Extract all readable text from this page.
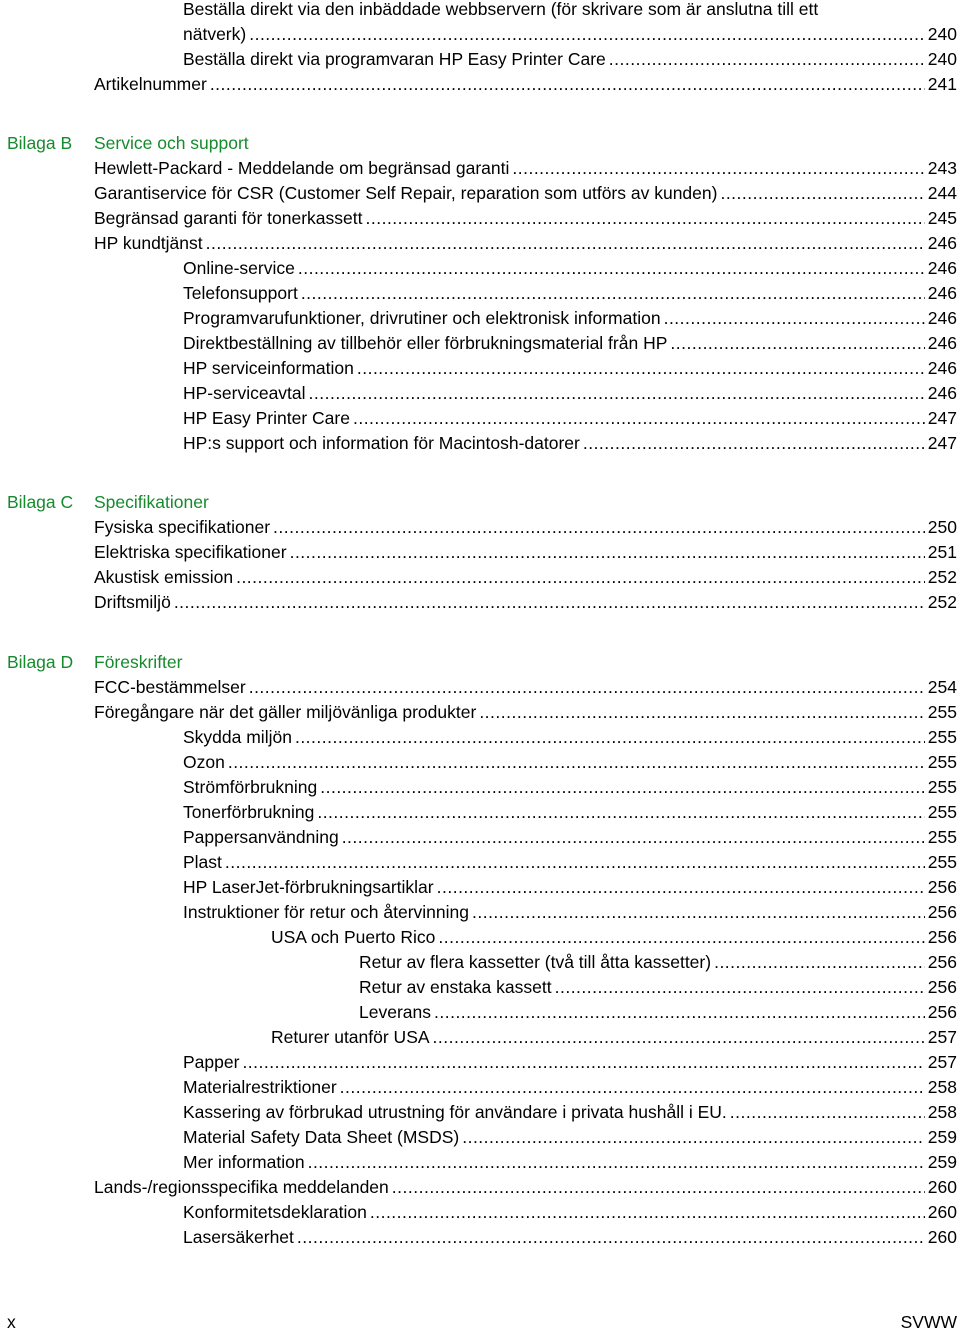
Beställa direkt via den inbäddade webbservern (för skrivare som är anslutna till ett
nätverk) .....	240
Beställa direkt via programvaran HP Easy Printer Care .....	240
Artikelnummer .....	241
Bilaga B Service och support
Hewlett-Packard - Meddelande om begränsad garanti .....	243
Garantiservice för CSR (Customer Self Repair, reparation som utförs av kunden) .....	244
Begränsad garanti för tonerkassett .....	245
HP kundtjänst .....	246
Online-service .....	246
Telefonsupport .....	246
Programvarufunktioner, drivrutiner och elektronisk information .....	246
Direktbeställning av tillbehör eller förbrukningsmaterial från HP .....	246
HP serviceinformation .....	246
HP-serviceavtal .....	246
HP Easy Printer Care .....	247
HP:s support och information för Macintosh-datorer .....	247
Bilaga C Specifikationer
Fysiska specifikationer .....	250
Elektriska specifikationer .....	251
Akustisk emission .....	252
Driftsmiljö .....	252
Bilaga D Föreskrifter
FCC-bestämmelser .....	254
Föregångare när det gäller miljövänliga produkter .....	255
Skydda miljön .....	255
Ozon .....	255
Strömförbrukning .....	255
Tonerförbrukning .....	255
Pappersanvändning .....	255
Plast .....	255
HP LaserJet-förbrukningsartiklar .....	256
Instruktioner för retur och återvinning .....	256
USA och Puerto Rico .....	256
Retur av flera kassetter (två till åtta kassetter) .....	256
Retur av enstaka kassett .....	256
Leverans .....	256
Returer utanför USA .....	257
Papper .....	257
Materialrestriktioner .....	258
Kassering av förbrukad utrustning för användare i privata hushåll i EU. .....	258
Material Safety Data Sheet (MSDS) .....	259
Mer information .....	259
Lands-/regionsspecifika meddelanden .....	260
Konformitetsdeklaration .....	260
Lasersäkerhet .....	260
x	SVWW
